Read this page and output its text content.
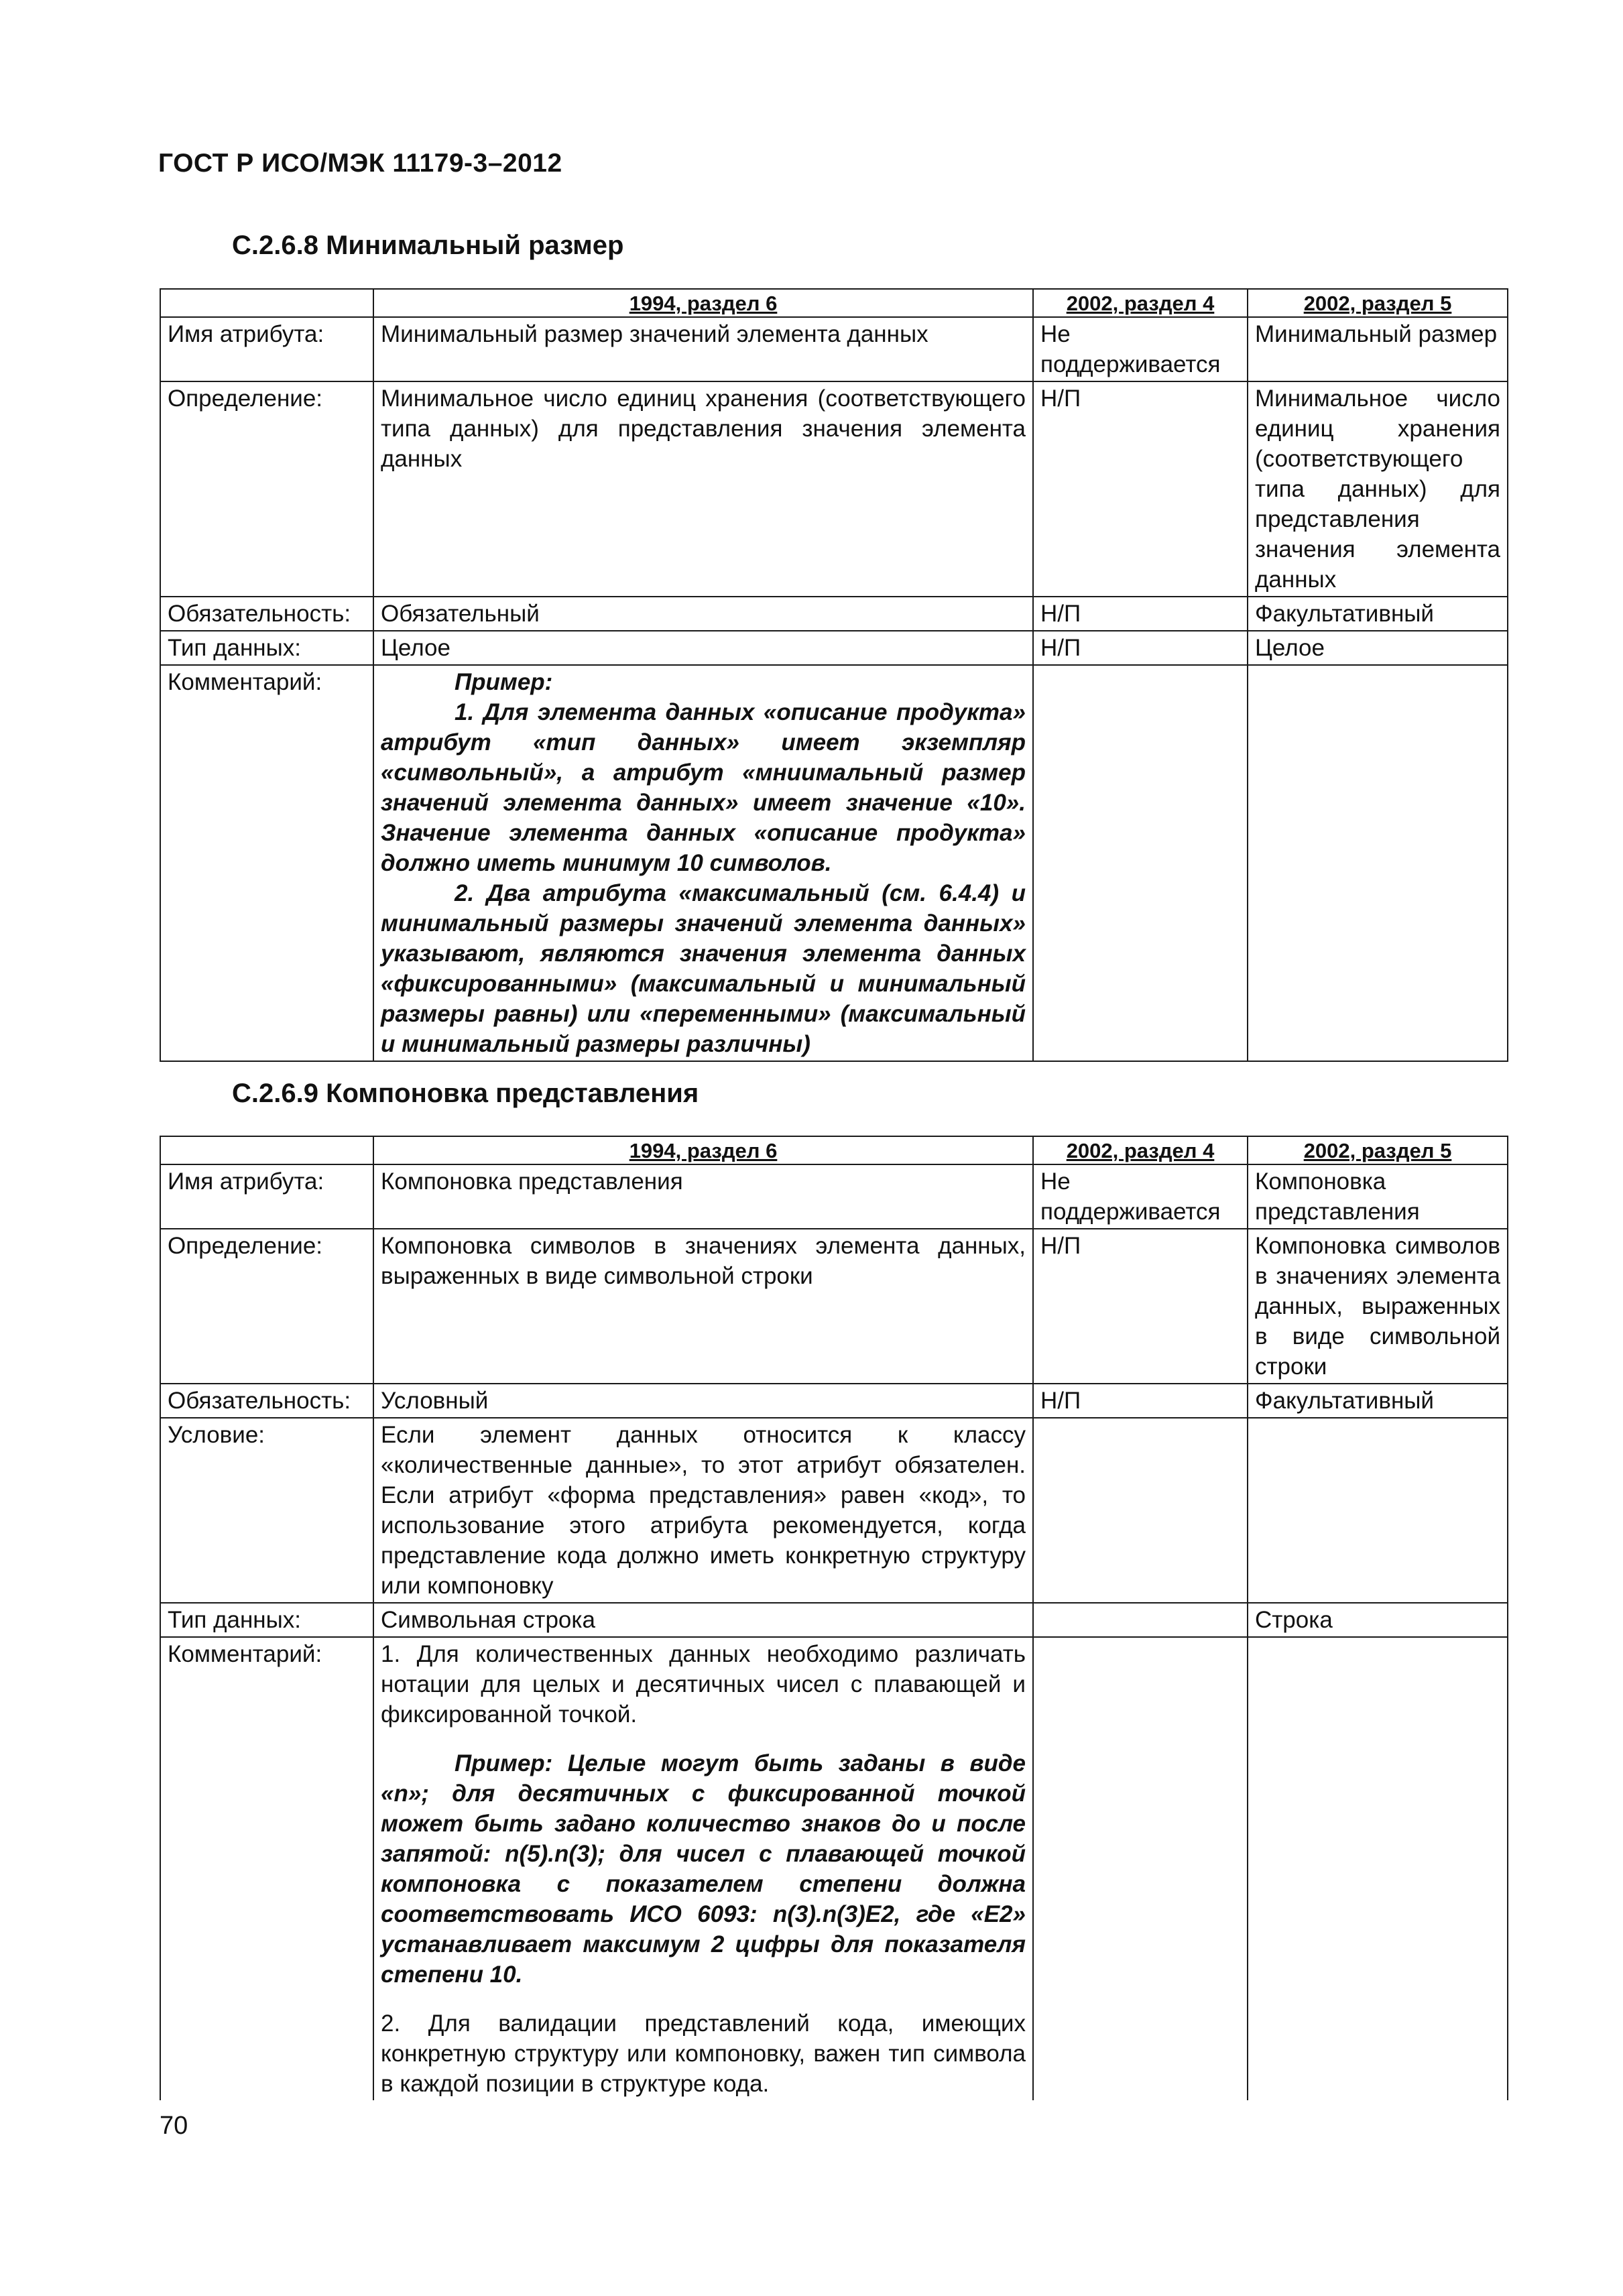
ГОСТ Р ИСО/МЭК 11179-3–2012
С.2.6.8 Минимальный размер
	1994, раздел 6	2002, раздел 4	2002, раздел 5
Имя атрибута:	Минимальный размер значений элемента данных	Не поддерживается	Минимальный размер
Определение:	Минимальное число единиц хранения (соответствующего типа данных) для представления значения элемента данных	Н/П	Минимальное число единиц хранения (соответствующего типа данных) для представления значения элемента данных
Обязательность:	Обязательный	Н/П	Факультативный
Тип данных:	Целое	Н/П	Целое
Комментарий:	Пример:

1. Для элемента данных «описание продукта» атрибут «тип данных» имеет экземпляр «символьный», а атрибут «мниимальный размер значений элемента данных» имеет значение «10». Значение элемента данных «описание продукта» должно иметь минимум 10 символов.

2. Два атрибута «максимальный (см. 6.4.4) и минимальный размеры значений элемента данных» указывают, являются значения элемента данных «фиксированными» (максимальный и минимальный размеры равны) или «переменными» (максимальный и минимальный размеры различны)		

С.2.6.9 Компоновка представления
	1994, раздел 6	2002, раздел 4	2002, раздел 5
Имя атрибута:	Компоновка представления	Не поддерживается	Компоновка представления
Определение:	Компоновка символов в значениях элемента данных, выраженных в виде символьной строки	Н/П	Компоновка символов в значениях элемента данных, выраженных в виде символьной строки
Обязательность:	Условный	Н/П	Факультативный
Условие:	Если элемент данных относится к классу «количественные данные», то этот атрибут обязателен. Если атрибут «форма представления» равен «код», то использование этого атрибута рекомендуется, когда представление кода должно иметь конкретную структуру или компоновку		
Тип данных:	Символьная строка		Строка
Комментарий:	1. Для количественных данных необходимо различать нотации для целых и десятичных чисел с плавающей и фиксированной точкой.

Пример: Целые могут быть заданы в виде «n»; для десятичных с фиксированной точкой может быть задано количество знаков до и после запятой: n(5).n(3); для чисел с плавающей точкой компоновка с показателем степени должна соответствовать ИСО 6093: n(3).n(3)E2, где «E2» устанавливает максимум 2 цифры для показателя степени 10.

2. Для валидации представлений кода, имеющих конкретную структуру или компоновку, важен тип символа в каждой позиции в структуре кода.		

70
